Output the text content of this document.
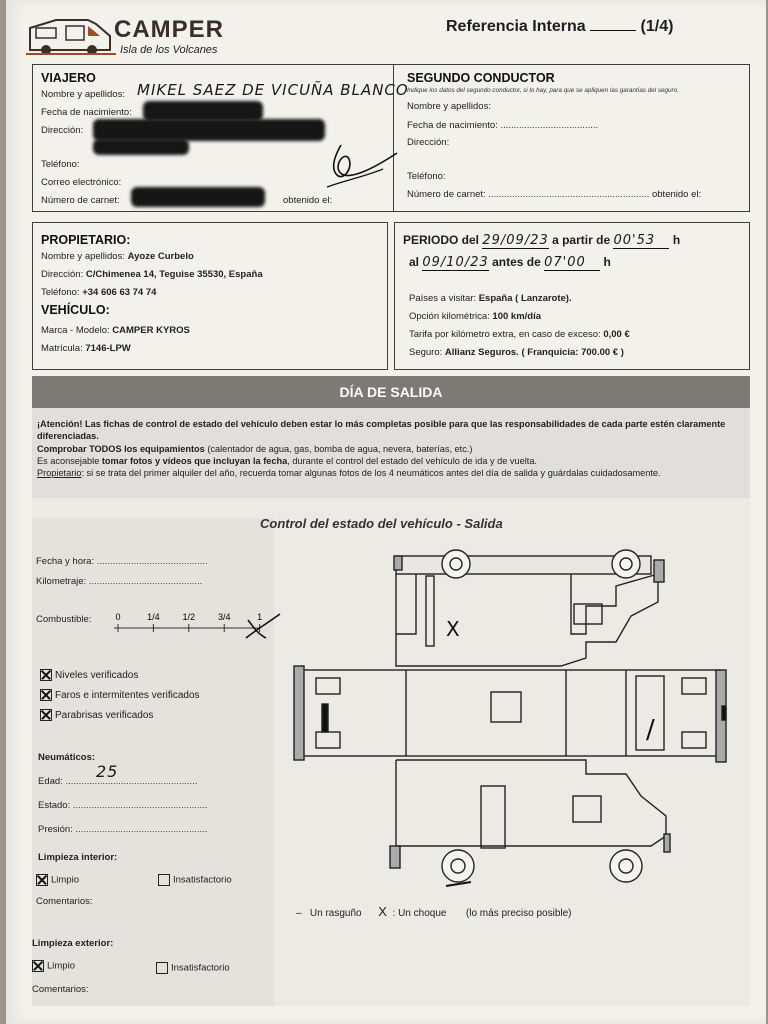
CAMPER
Isla de los Volcanes
Referencia Interna	(1/4)
VIAJERO
Nombre y apellidos: MIKEL SAEZ DE VICUÑA BLANCO
Fecha de nacimiento:
Dirección:
Teléfono:
Correo electrónico:
Número de carnet:	obtenido el:
SEGUNDO CONDUCTOR
Indique los datos del segundo conductor, si lo hay, para que se apliquen las garantías del seguro.
Nombre y apellidos:
Fecha de nacimiento: .....................................
Dirección:
Teléfono:
Número de carnet: ............................................................. obtenido el:
PROPIETARIO:
Nombre y apellidos: Ayoze Curbelo
Dirección: C/Chimenea 14, Teguise 35530, España
Teléfono: +34 606 63 74 74
VEHÍCULO:
Marca - Modelo: CAMPER KYROS
Matrícula: 7146-LPW
PERIODO del 29/09/23 a partir de 00'53 h
al 09/10/23 antes de 07'00 h
Países a visitar: España ( Lanzarote).
Opción kilométrica: 100 km/día
Tarifa por kilómetro extra, en caso de exceso: 0,00 €
Seguro: Allianz Seguros. ( Franquicia: 700.00 € )
DÍA DE SALIDA
¡Atención! Las fichas de control de estado del vehículo deben estar lo más completas posible para que las responsabilidades de cada parte estén claramente diferenciadas.
Comprobar TODOS los equipamientos (calentador de agua, gas, bomba de agua, nevera, baterías, etc.)
Es aconsejable tomar fotos y vídeos que incluyan la fecha, durante el control del estado del vehículo de ida y de vuelta.
Propietario: si se trata del primer alquiler del año, recuerda tomar algunas fotos de los 4 neumáticos antes del día de salida y guárdalas cuidadosamente.
Control del estado del vehículo - Salida
Fecha y hora: ..........................................
Kilometraje: ...........................................
Combustible:	0	1/4	1/2	3/4	1
Niveles verificados
Faros e intermitentes verificados
Parabrisas verificados
Neumáticos:
Edad: ..................................................
25
Estado: ...................................................
Presión: ..................................................
Limpieza interior:
Limpio	Insatisfactorio
Comentarios:
Limpieza exterior:
Limpio	Insatisfactorio
Comentarios:
X
/
– Un rasguño X  : Un choque (lo más preciso posible)
